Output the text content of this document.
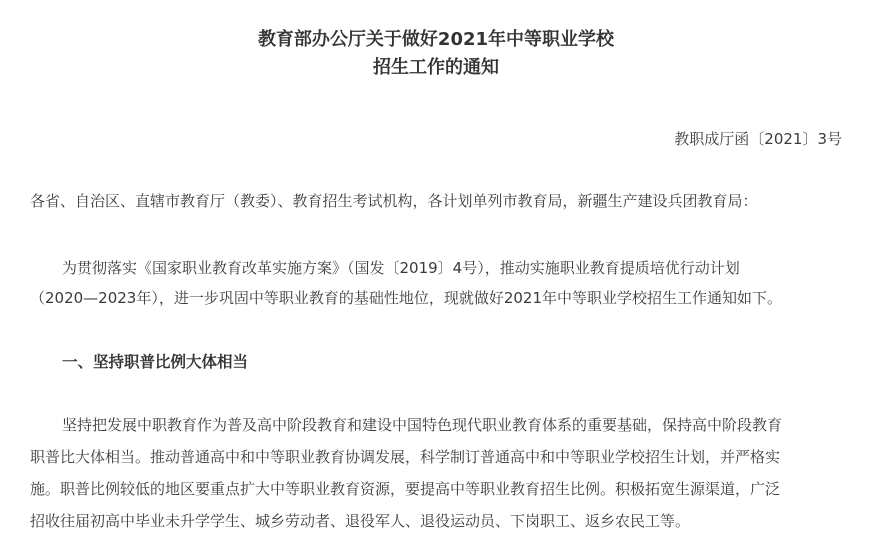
教育部办公厅关于做好2021年中等职业学校
招生工作的通知
教职成厅函〔2021〕3号
各省、自治区、直辖市教育厅（教委）、教育招生考试机构，各计划单列市教育局，新疆生产建设兵团教育局：
为贯彻落实《国家职业教育改革实施方案》（国发〔2019〕4号），推动实施职业教育提质培优行动计划
（2020—2023年），进一步巩固中等职业教育的基础性地位，现就做好2021年中等职业学校招生工作通知如下。
一、坚持职普比例大体相当
坚持把发展中职教育作为普及高中阶段教育和建设中国特色现代职业教育体系的重要基础，保持高中阶段教育
职普比大体相当。推动普通高中和中等职业教育协调发展，科学制订普通高中和中等职业学校招生计划，并严格实
施。职普比例较低的地区要重点扩大中等职业教育资源，要提高中等职业教育招生比例。积极拓宽生源渠道，广泛
招收往届初高中毕业未升学学生、城乡劳动者、退役军人、退役运动员、下岗职工、返乡农民工等。
